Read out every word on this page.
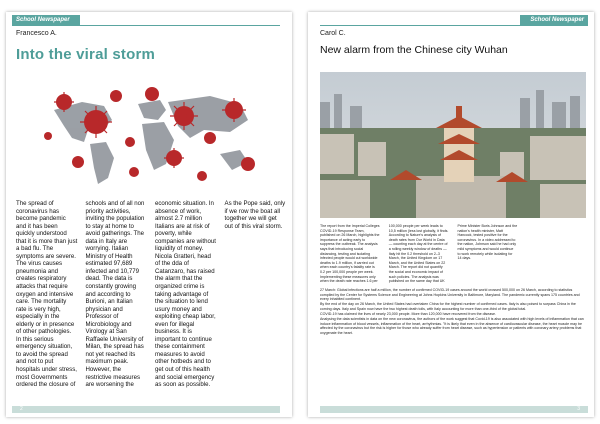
School Newspaper
Francesco A.
Into the viral storm
The spread of coronavirus has become pandemic and it has been quickly understood that it is more than just a bad flu. The symptoms are severe. The virus causes pneumonia and creates respiratory attacks that require oxygen and intensive care. The mortality rate is very high, especially in the elderly or in presence of other pathologies. In this serious emergency situation, to avoid the spread and not to put hospitals under stress, most Governments ordered the closure of schools and of all non priority activities, inviting the population to stay at home to avoid gatherings. The data in Italy are worrying. Italian Ministry of Health estimated 97,689 infected and 10,779 dead. The data is constantly growing and according to Burioni, an Italian physician and Professor of Microbiology and Virology at San Raffaele University of Milan, the spread has not yet reached its maximum peak. However, the restrictive measures are worsening the economic situation. In absence of work, almost 2.7 million Italians are at risk of poverty, while companies are without liquidity of money. Nicola Gratteri, head of the dda of Catanzaro, has raised the alarm that the organized crime is taking advantage of the situation to lend usury money and exploiting cheap labor, even for illegal business. It is important to continue these containment measures to avoid other hotbeds and to get out of this health and social emergency as soon as possible. As the Pope said, only if we row the boat all together we will get out of this viral storm.
2
School Newspaper
Carol C.
New alarm from the Chinese city Wuhan
The report from the Imperial Colleges COVID-19 Response Team, published on 26 March, highlights the importance of acting early to suppress the outbreak. The analysis says that introducing social distancing, testing and isolating infected people would cut worldwide deaths to 1.9 million, if carried out when each country's fatality rate is 0.2 per 100,000 people per week. Implementing these measures only when the death rate reaches 1.6 per 100,000 people per week leads to 10,5 million (less lost globally, it finds. According to Nature's analysis of death rates from Our World in Data — counting each day at the centre of a rolling weekly window of deaths — Italy hit the 0.2 threshold on 2–3 March, the United Kingdom on 17 March, and the United States on 22 March. The report did not quantify the social and economic impact of such policies. The analysis was published on the same day that UK Prime Minister Boris Johnson and the nation's health minister, Matt Hancock, tested positive for the coronavirus. In a video addressed to the nation, Johnson said he had only mild symptoms and would continue to work remotely while isolating for 14 days.

27 March: Global infections are half a million, the number of confirmed COVID-19 cases around the world crossed 500,000 on 26 March, according to statistics compiled by the Center for Systems Science and Engineering at Johns Hopkins University in Baltimore, Maryland. The pandemic currently spans 175 countries and every inhabited continent.

By the end of the day on 26 March, the United States had overtaken China for the highest number of confirmed cases. Italy is also poised to surpass China in the coming days. Italy and Spain now have the two highest death tolls, with Italy accounting for more than one-third of the global total.

COVID-19 has claimed the lives of nearly 23,000 people. More than 120,000 have recovered from the disease.

Analysing the data scientists in data on the new coronavirus, the authors of the work suggest that Covid-19 is also associated with high levels of inflammation that can induce inflammation of blood vessels, inflammation of the heart, arrhythmias. "It is likely that even in the absence of cardiovascular disease, the heart muscle may be affected by the coronavirus but the risk is higher for those who already suffer from heart disease, such as hypertension or patients with coronary artery problems that oxygenate the heart.

3
